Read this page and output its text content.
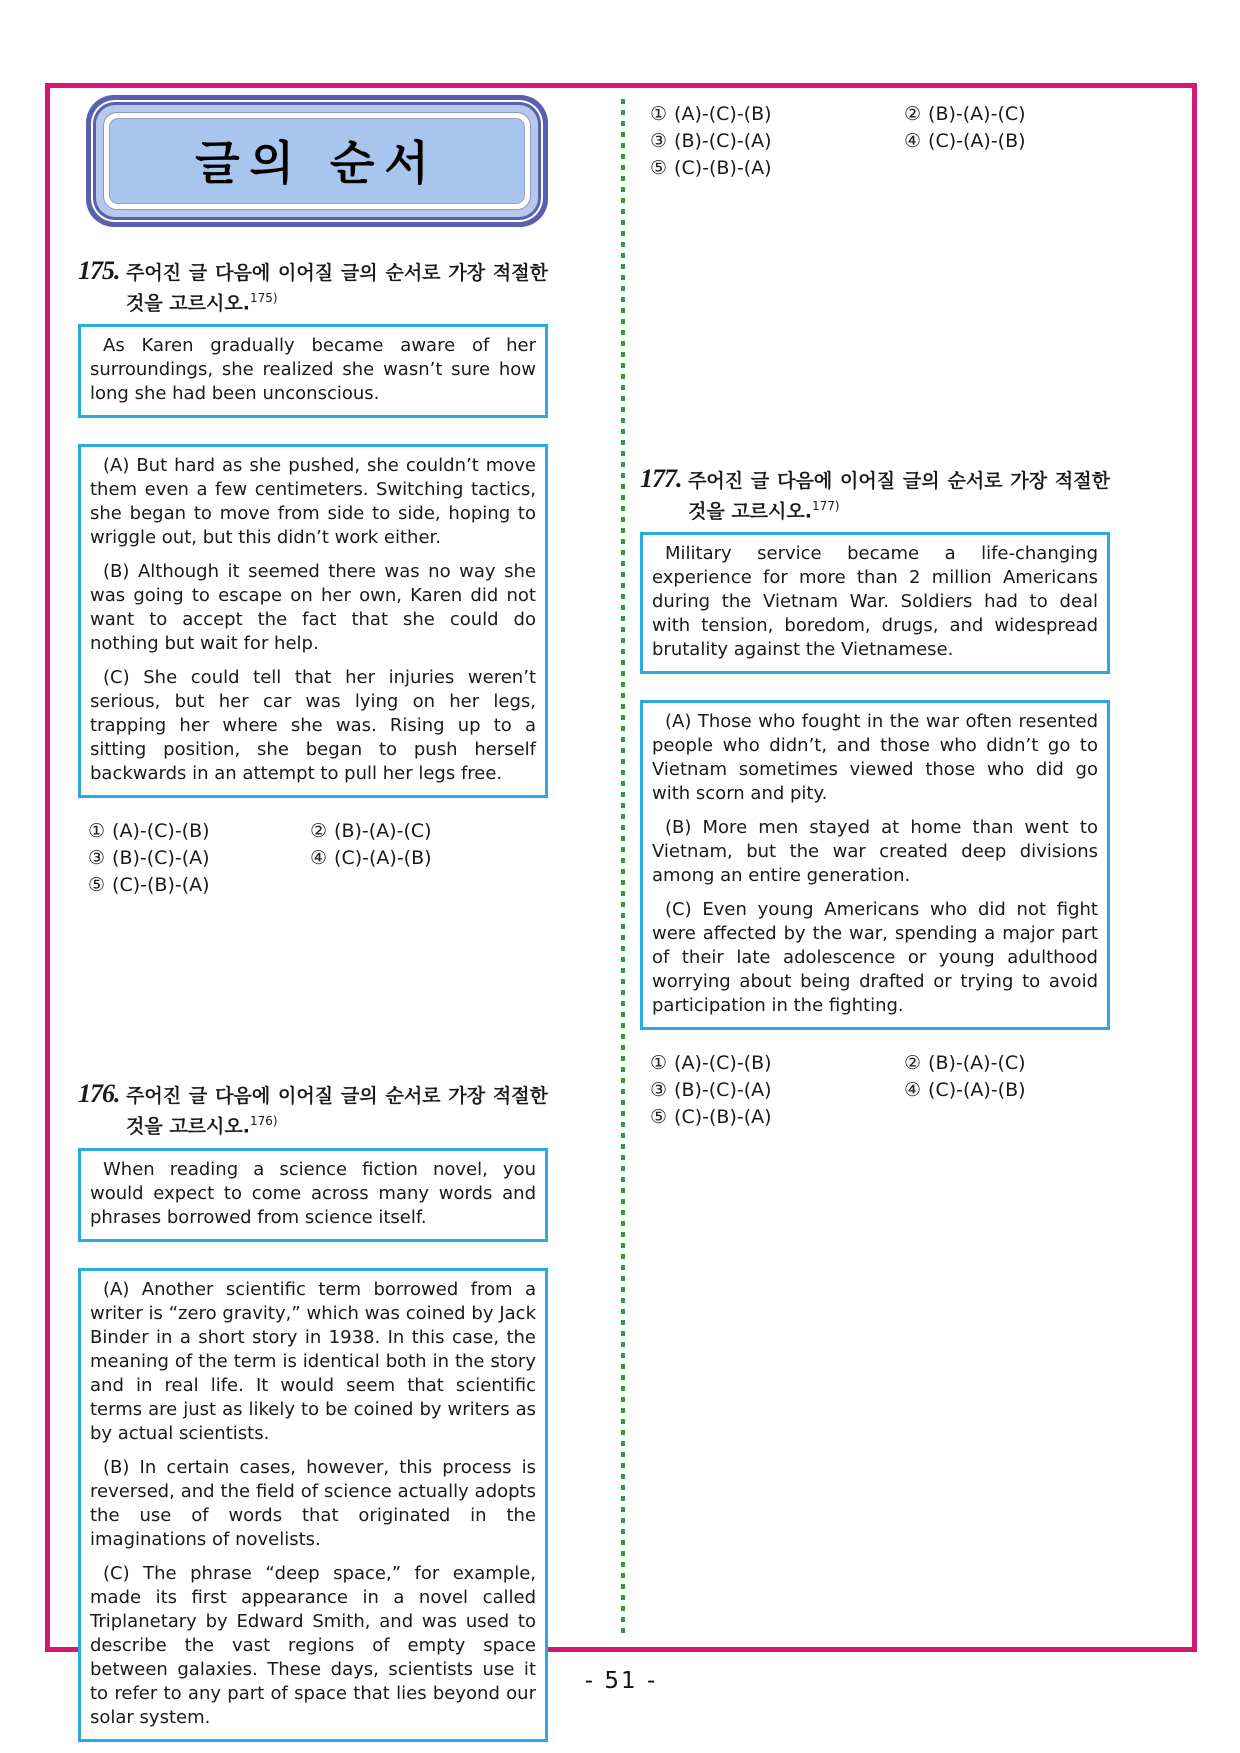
글의 순서
175. 주어진 글 다음에 이어질 글의 순서로 가장 적절한 것을 고르시오.$^{175)}$

As Karen gradually became aware of her surroundings, she realized she wasn’t sure how long she had been unconscious.

(A) But hard as she pushed, she couldn’t move them even a few centimeters. Switching tactics, she began to move from side to side, hoping to wriggle out, but this didn’t work either.

(B) Although it seemed there was no way she was going to escape on her own, Karen did not want to accept the fact that she could do nothing but wait for help.

(C) She could tell that her injuries weren’t serious, but her car was lying on her legs, trapping her where she was. Rising up to a sitting position, she began to push herself backwards in an attempt to pull her legs free.

① (A)-(C)-(B)	② (B)-(A)-(C)
③ (B)-(C)-(A)	④ (C)-(A)-(B)
⑤ (C)-(B)-(A)
176. 주어진 글 다음에 이어질 글의 순서로 가장 적절한 것을 고르시오.$^{176)}$

When reading a science fiction novel, you would expect to come across many words and phrases borrowed from science itself.

(A) Another scientific term borrowed from a writer is “zero gravity,” which was coined by Jack Binder in a short story in 1938. In this case, the meaning of the term is identical both in the story and in real life. It would seem that scientific terms are just as likely to be coined by writers as by actual scientists.

(B) In certain cases, however, this process is reversed, and the field of science actually adopts the use of words that originated in the imaginations of novelists.

(C) The phrase “deep space,” for example, made its first appearance in a novel called Triplanetary by Edward Smith, and was used to describe the vast regions of empty space between galaxies. These days, scientists use it to refer to any part of space that lies beyond our solar system.

① (A)-(C)-(B)	② (B)-(A)-(C)
③ (B)-(C)-(A)	④ (C)-(A)-(B)
⑤ (C)-(B)-(A)
177. 주어진 글 다음에 이어질 글의 순서로 가장 적절한 것을 고르시오.$^{177)}$

Military service became a life-changing experience for more than 2 million Americans during the Vietnam War. Soldiers had to deal with tension, boredom, drugs, and widespread brutality against the Vietnamese.

(A) Those who fought in the war often resented people who didn’t, and those who didn’t go to Vietnam sometimes viewed those who did go with scorn and pity.

(B) More men stayed at home than went to Vietnam, but the war created deep divisions among an entire generation.

(C) Even young Americans who did not fight were affected by the war, spending a major part of their late adolescence or young adulthood worrying about being drafted or trying to avoid participation in the fighting.

① (A)-(C)-(B)	② (B)-(A)-(C)
③ (B)-(C)-(A)	④ (C)-(A)-(B)
⑤ (C)-(B)-(A)
- 51 -
